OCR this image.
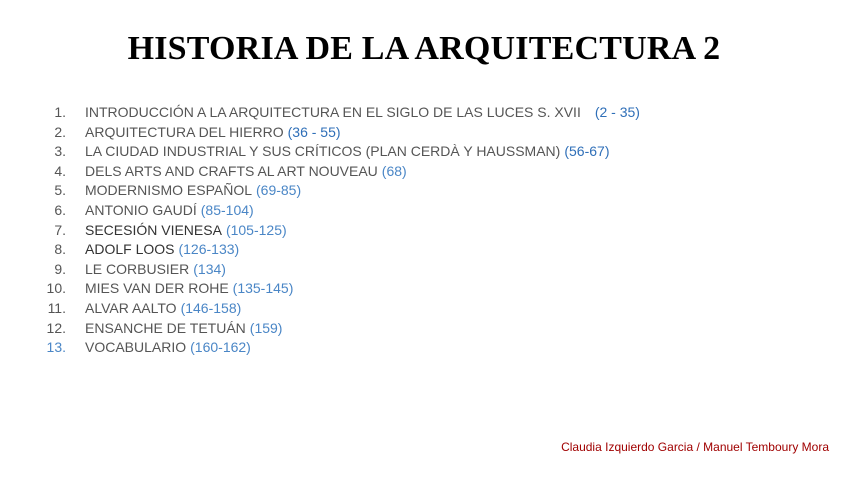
HISTORIA DE LA ARQUITECTURA 2
1. INTRODUCCIÓN A LA ARQUITECTURA EN EL SIGLO DE LAS LUCES S. XVII (2 - 35)
2. ARQUITECTURA DEL HIERRO (36 - 55)
3. LA CIUDAD INDUSTRIAL Y SUS CRÍTICOS (PLAN CERDÀ Y HAUSSMAN) (56-67)
4. DELS ARTS AND CRAFTS AL ART NOUVEAU (68)
5. MODERNISMO ESPAÑOL (69-85)
6. ANTONIO GAUDÍ (85-104)
7. SECESIÓN VIENESA (105-125)
8. ADOLF LOOS (126-133)
9. LE CORBUSIER (134)
10. MIES VAN DER ROHE (135-145)
11. ALVAR AALTO (146-158)
12. ENSANCHE DE TETUÁN (159)
13. VOCABULARIO (160-162)
Claudia Izquierdo Garcia / Manuel Temboury Mora
